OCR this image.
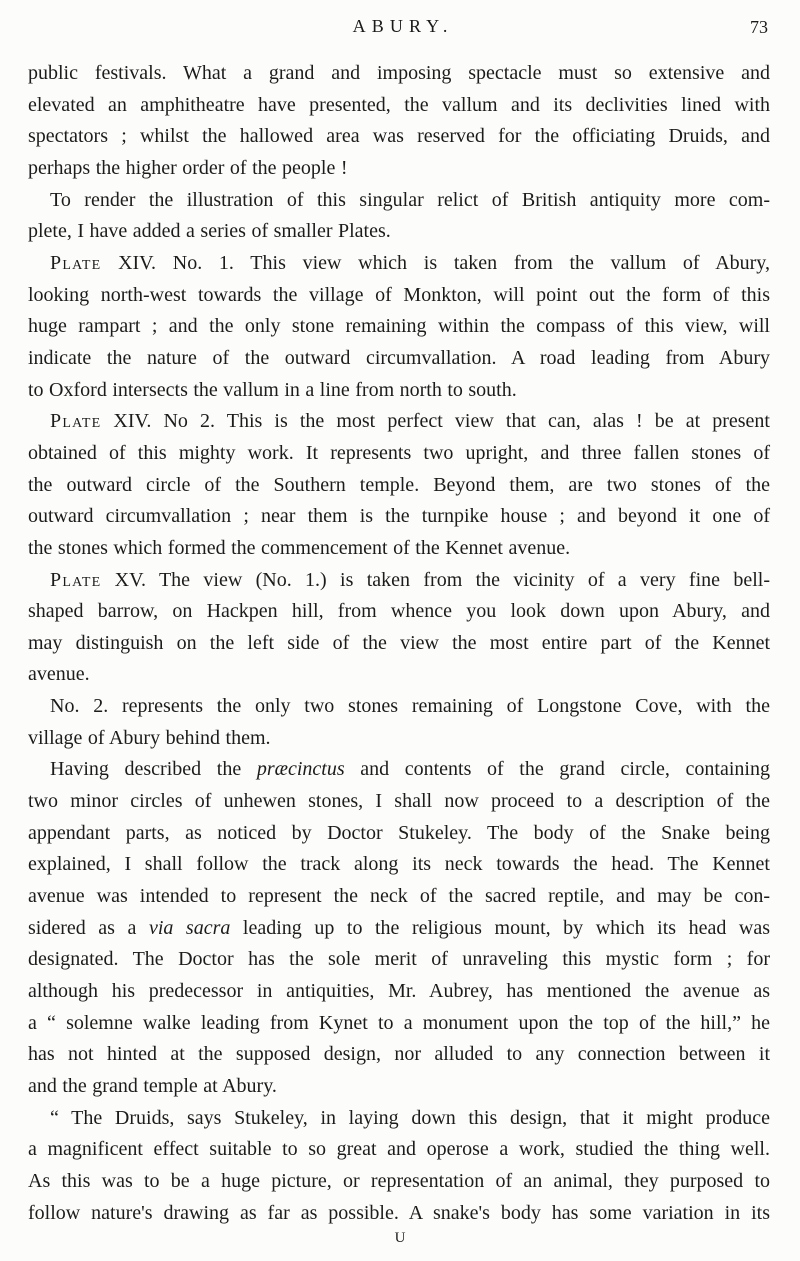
ABURY.	73
public festivals. What a grand and imposing spectacle must so extensive and
elevated an amphitheatre have presented, the vallum and its declivities lined with
spectators ; whilst the hallowed area was reserved for the officiating Druids, and
perhaps the higher order of the people !
To render the illustration of this singular relict of British antiquity more com-
plete, I have added a series of smaller Plates.
Plate XIV. No. 1. This view which is taken from the vallum of Abury,
looking north-west towards the village of Monkton, will point out the form of this
huge rampart ; and the only stone remaining within the compass of this view, will
indicate the nature of the outward circumvallation. A road leading from Abury
to Oxford intersects the vallum in a line from north to south.
Plate XIV. No 2. This is the most perfect view that can, alas ! be at present
obtained of this mighty work. It represents two upright, and three fallen stones of
the outward circle of the Southern temple. Beyond them, are two stones of the
outward circumvallation ; near them is the turnpike house ; and beyond it one of
the stones which formed the commencement of the Kennet avenue.
Plate XV. The view (No. 1.) is taken from the vicinity of a very fine bell-
shaped barrow, on Hackpen hill, from whence you look down upon Abury, and
may distinguish on the left side of the view the most entire part of the Kennet
avenue.
No. 2. represents the only two stones remaining of Longstone Cove, with the
village of Abury behind them.
Having described the præcinctus and contents of the grand circle, containing
two minor circles of unhewen stones, I shall now proceed to a description of the
appendant parts, as noticed by Doctor Stukeley. The body of the Snake being
explained, I shall follow the track along its neck towards the head. The Kennet
avenue was intended to represent the neck of the sacred reptile, and may be con-
sidered as a via sacra leading up to the religious mount, by which its head was
designated. The Doctor has the sole merit of unraveling this mystic form ; for
although his predecessor in antiquities, Mr. Aubrey, has mentioned the avenue as
a “ solemne walke leading from Kynet to a monument upon the top of the hill,” he
has not hinted at the supposed design, nor alluded to any connection between it
and the grand temple at Abury.
“ The Druids, says Stukeley, in laying down this design, that it might produce
a magnificent effect suitable to so great and operose a work, studied the thing well.
As this was to be a huge picture, or representation of an animal, they purposed to
follow nature's drawing as far as possible. A snake's body has some variation in its
U
